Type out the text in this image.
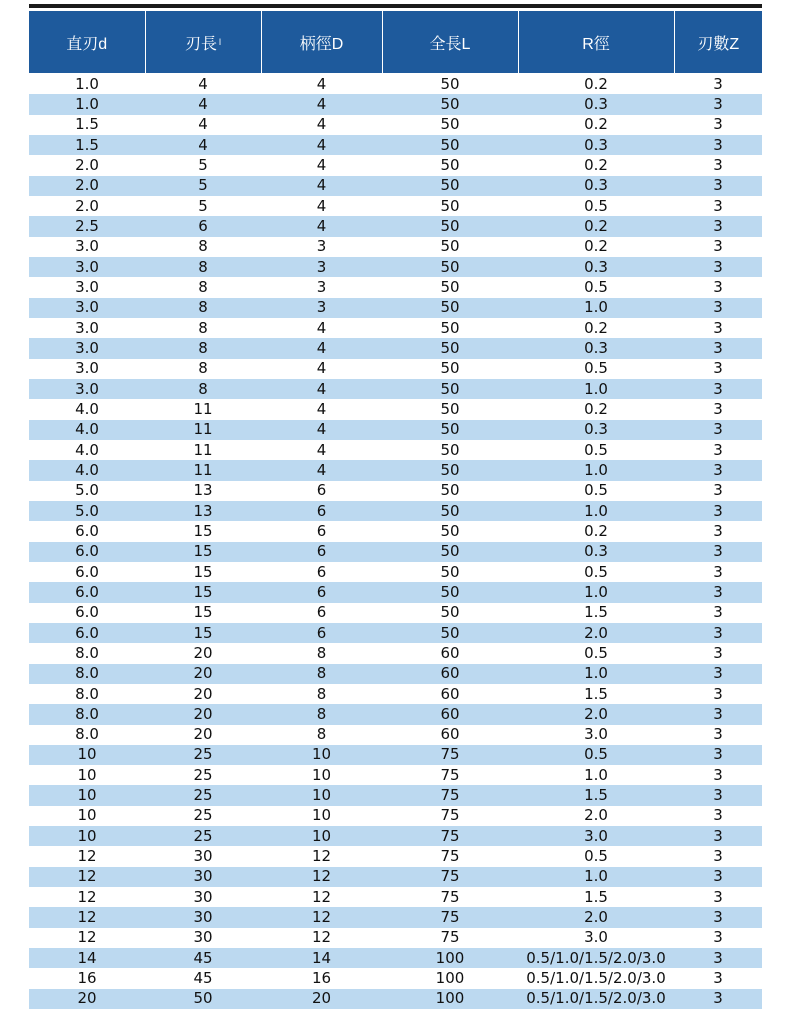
直刃d	刃長 $^l$	柄徑D	全長L	R徑	刃數Z
1.0	4	4	50	0.2	3
1.0	4	4	50	0.3	3
1.5	4	4	50	0.2	3
1.5	4	4	50	0.3	3
2.0	5	4	50	0.2	3
2.0	5	4	50	0.3	3
2.0	5	4	50	0.5	3
2.5	6	4	50	0.2	3
3.0	8	3	50	0.2	3
3.0	8	3	50	0.3	3
3.0	8	3	50	0.5	3
3.0	8	3	50	1.0	3
3.0	8	4	50	0.2	3
3.0	8	4	50	0.3	3
3.0	8	4	50	0.5	3
3.0	8	4	50	1.0	3
4.0	11	4	50	0.2	3
4.0	11	4	50	0.3	3
4.0	11	4	50	0.5	3
4.0	11	4	50	1.0	3
5.0	13	6	50	0.5	3
5.0	13	6	50	1.0	3
6.0	15	6	50	0.2	3
6.0	15	6	50	0.3	3
6.0	15	6	50	0.5	3
6.0	15	6	50	1.0	3
6.0	15	6	50	1.5	3
6.0	15	6	50	2.0	3
8.0	20	8	60	0.5	3
8.0	20	8	60	1.0	3
8.0	20	8	60	1.5	3
8.0	20	8	60	2.0	3
8.0	20	8	60	3.0	3
10	25	10	75	0.5	3
10	25	10	75	1.0	3
10	25	10	75	1.5	3
10	25	10	75	2.0	3
10	25	10	75	3.0	3
12	30	12	75	0.5	3
12	30	12	75	1.0	3
12	30	12	75	1.5	3
12	30	12	75	2.0	3
12	30	12	75	3.0	3
14	45	14	100	0.5/1.0/1.5/2.0/3.0	3
16	45	16	100	0.5/1.0/1.5/2.0/3.0	3
20	50	20	100	0.5/1.0/1.5/2.0/3.0	3
